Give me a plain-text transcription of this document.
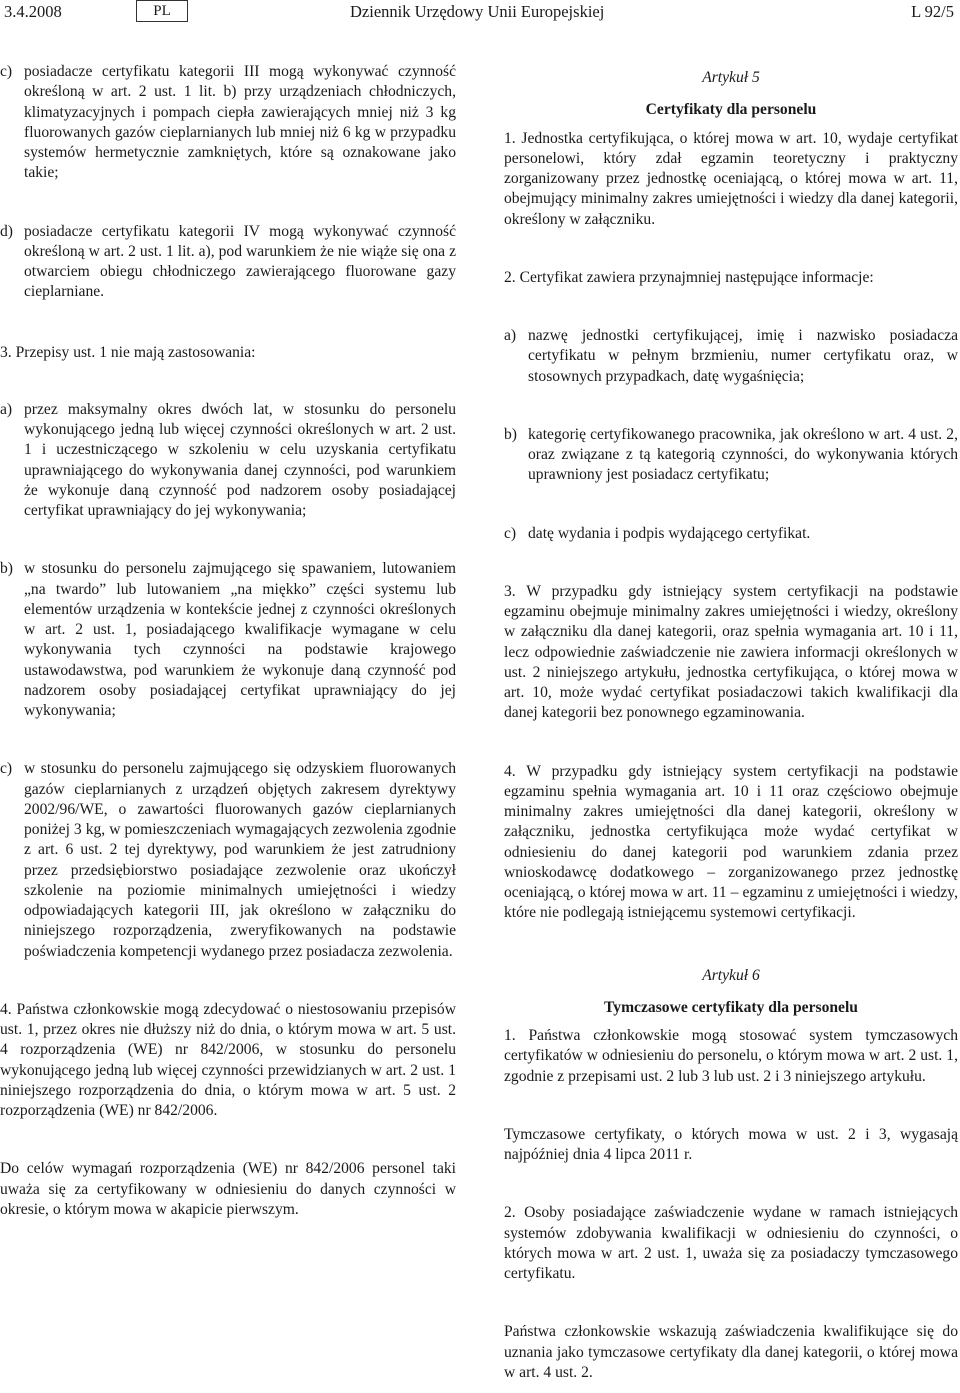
3.4.2008	PL	Dziennik Urzędowy Unii Europejskiej	L 92/5
c) posiadacze certyfikatu kategorii III mogą wykonywać czynność określoną w art. 2 ust. 1 lit. b) przy urządzeniach chłodniczych, klimatyzacyjnych i pompach ciepła zawierających mniej niż 3 kg fluorowanych gazów cieplarnianych lub mniej niż 6 kg w przypadku systemów hermetycznie zamkniętych, które są oznakowane jako takie;
d) posiadacze certyfikatu kategorii IV mogą wykonywać czynność określoną w art. 2 ust. 1 lit. a), pod warunkiem że nie wiąże się ona z otwarciem obiegu chłodniczego zawierającego fluorowane gazy cieplarniane.

3. Przepisy ust. 1 nie mają zastosowania:

a) przez maksymalny okres dwóch lat, w stosunku do personelu wykonującego jedną lub więcej czynności określonych w art. 2 ust. 1 i uczestniczącego w szkoleniu w celu uzyskania certyfikatu uprawniającego do wykonywania danej czynności, pod warunkiem że wykonuje daną czynność pod nadzorem osoby posiadającej certyfikat uprawniający do jej wykonywania;
b) w stosunku do personelu zajmującego się spawaniem, lutowaniem „na twardo” lub lutowaniem „na miękko” części systemu lub elementów urządzenia w kontekście jednej z czynności określonych w art. 2 ust. 1, posiadającego kwalifikacje wymagane w celu wykonywania tych czynności na podstawie krajowego ustawodawstwa, pod warunkiem że wykonuje daną czynność pod nadzorem osoby posiadającej certyfikat uprawniający do jej wykonywania;
c) w stosunku do personelu zajmującego się odzyskiem fluorowanych gazów cieplarnianych z urządzeń objętych zakresem dyrektywy 2002/96/WE, o zawartości fluorowanych gazów cieplarnianych poniżej 3 kg, w pomieszczeniach wymagających zezwolenia zgodnie z art. 6 ust. 2 tej dyrektywy, pod warunkiem że jest zatrudniony przez przedsiębiorstwo posiadające zezwolenie oraz ukończył szkolenie na poziomie minimalnych umiejętności i wiedzy odpowiadających kategorii III, jak określono w załączniku do niniejszego rozporządzenia, zweryfikowanych na podstawie poświadczenia kompetencji wydanego przez posiadacza zezwolenia.

4. Państwa członkowskie mogą zdecydować o niestosowaniu przepisów ust. 1, przez okres nie dłuższy niż do dnia, o którym mowa w art. 5 ust. 4 rozporządzenia (WE) nr 842/2006, w stosunku do personelu wykonującego jedną lub więcej czynności przewidzianych w art. 2 ust. 1 niniejszego rozporządzenia do dnia, o którym mowa w art. 5 ust. 2 rozporządzenia (WE) nr 842/2006.

Do celów wymagań rozporządzenia (WE) nr 842/2006 personel taki uważa się za certyfikowany w odniesieniu do danych czynności w okresie, o którym mowa w akapicie pierwszym.

Artykuł 5

Certyfikaty dla personelu

1. Jednostka certyfikująca, o której mowa w art. 10, wydaje certyfikat personelowi, który zdał egzamin teoretyczny i praktyczny zorganizowany przez jednostkę oceniającą, o której mowa w art. 11, obejmujący minimalny zakres umiejętności i wiedzy dla danej kategorii, określony w załączniku.

2. Certyfikat zawiera przynajmniej następujące informacje:

a) nazwę jednostki certyfikującej, imię i nazwisko posiadacza certyfikatu w pełnym brzmieniu, numer certyfikatu oraz, w stosownych przypadkach, datę wygaśnięcia;
b) kategorię certyfikowanego pracownika, jak określono w art. 4 ust. 2, oraz związane z tą kategorią czynności, do wykonywania których uprawniony jest posiadacz certyfikatu;
c) datę wydania i podpis wydającego certyfikat.

3. W przypadku gdy istniejący system certyfikacji na podstawie egzaminu obejmuje minimalny zakres umiejętności i wiedzy, określony w załączniku dla danej kategorii, oraz spełnia wymagania art. 10 i 11, lecz odpowiednie zaświadczenie nie zawiera informacji określonych w ust. 2 niniejszego artykułu, jednostka certyfikująca, o której mowa w art. 10, może wydać certyfikat posiadaczowi takich kwalifikacji dla danej kategorii bez ponownego egzaminowania.

4. W przypadku gdy istniejący system certyfikacji na podstawie egzaminu spełnia wymagania art. 10 i 11 oraz częściowo obejmuje minimalny zakres umiejętności dla danej kategorii, określony w załączniku, jednostka certyfikująca może wydać certyfikat w odniesieniu do danej kategorii pod warunkiem zdania przez wnioskodawcę dodatkowego – zorganizowanego przez jednostkę oceniającą, o której mowa w art. 11 – egzaminu z umiejętności i wiedzy, które nie podlegają istniejącemu systemowi certyfikacji.

Artykuł 6

Tymczasowe certyfikaty dla personelu

1. Państwa członkowskie mogą stosować system tymczasowych certyfikatów w odniesieniu do personelu, o którym mowa w art. 2 ust. 1, zgodnie z przepisami ust. 2 lub 3 lub ust. 2 i 3 niniejszego artykułu.

Tymczasowe certyfikaty, o których mowa w ust. 2 i 3, wygasają najpóźniej dnia 4 lipca 2011 r.

2. Osoby posiadające zaświadczenie wydane w ramach istniejących systemów zdobywania kwalifikacji w odniesieniu do czynności, o których mowa w art. 2 ust. 1, uważa się za posiadaczy tymczasowego certyfikatu.

Państwa członkowskie wskazują zaświadczenia kwalifikujące się do uznania jako tymczasowe certyfikaty dla danej kategorii, o której mowa w art. 4 ust. 2.
